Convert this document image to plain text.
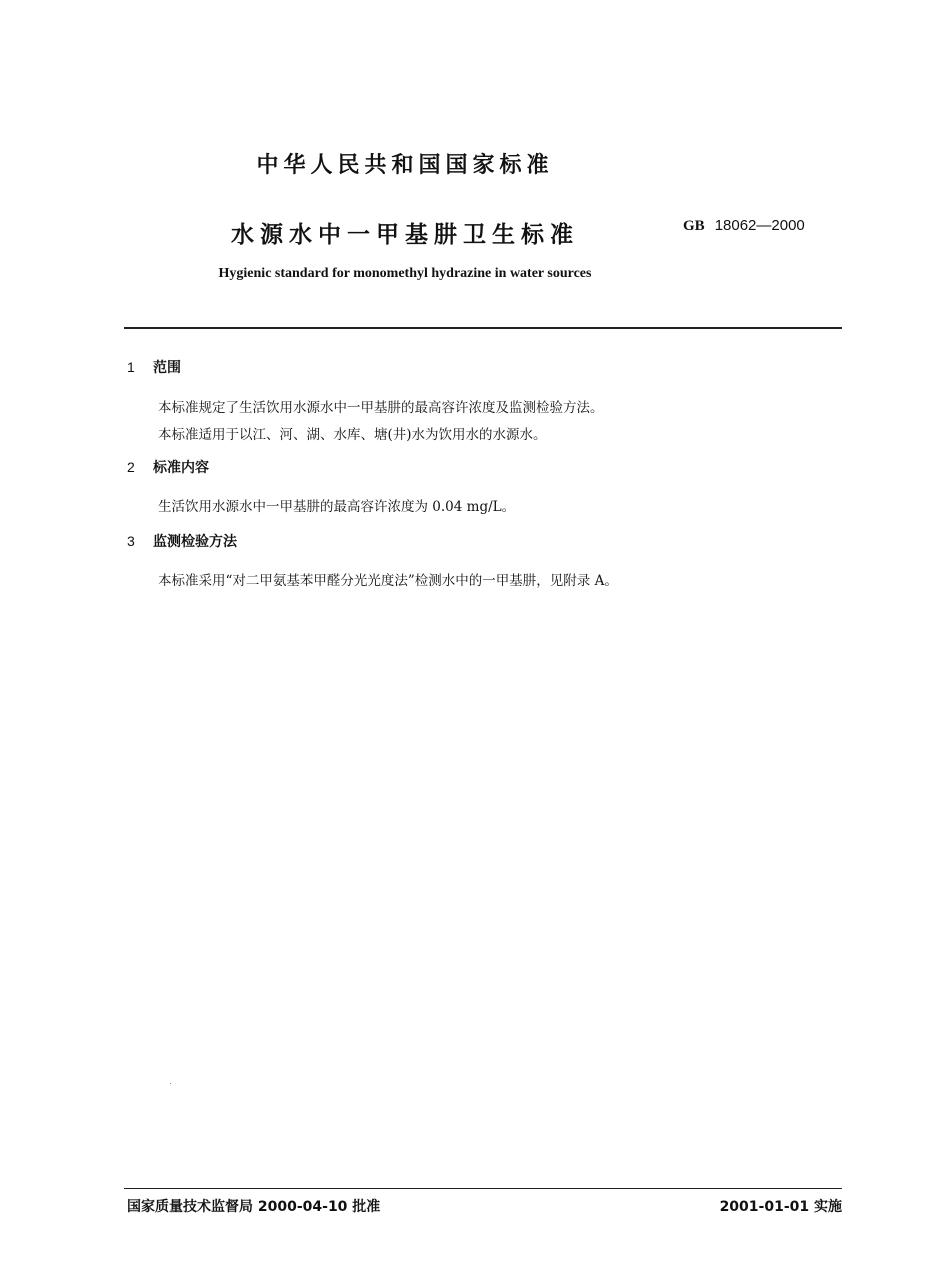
中华人民共和国国家标准
水源水中一甲基肼卫生标准	GB 18062—2000
Hygienic standard for monomethyl hydrazine in water sources
1 范围
本标准规定了生活饮用水源水中一甲基肼的最高容许浓度及监测检验方法。
本标准适用于以江、河、湖、水库、塘(井)水为饮用水的水源水。
2 标准内容
生活饮用水源水中一甲基肼的最高容许浓度为 0.04 mg/L。
3 监测检验方法
本标准采用“对二甲氨基苯甲醛分光光度法”检测水中的一甲基肼，见附录 A。
国家质量技术监督局 2000-04-10 批准	2001-01-01 实施
